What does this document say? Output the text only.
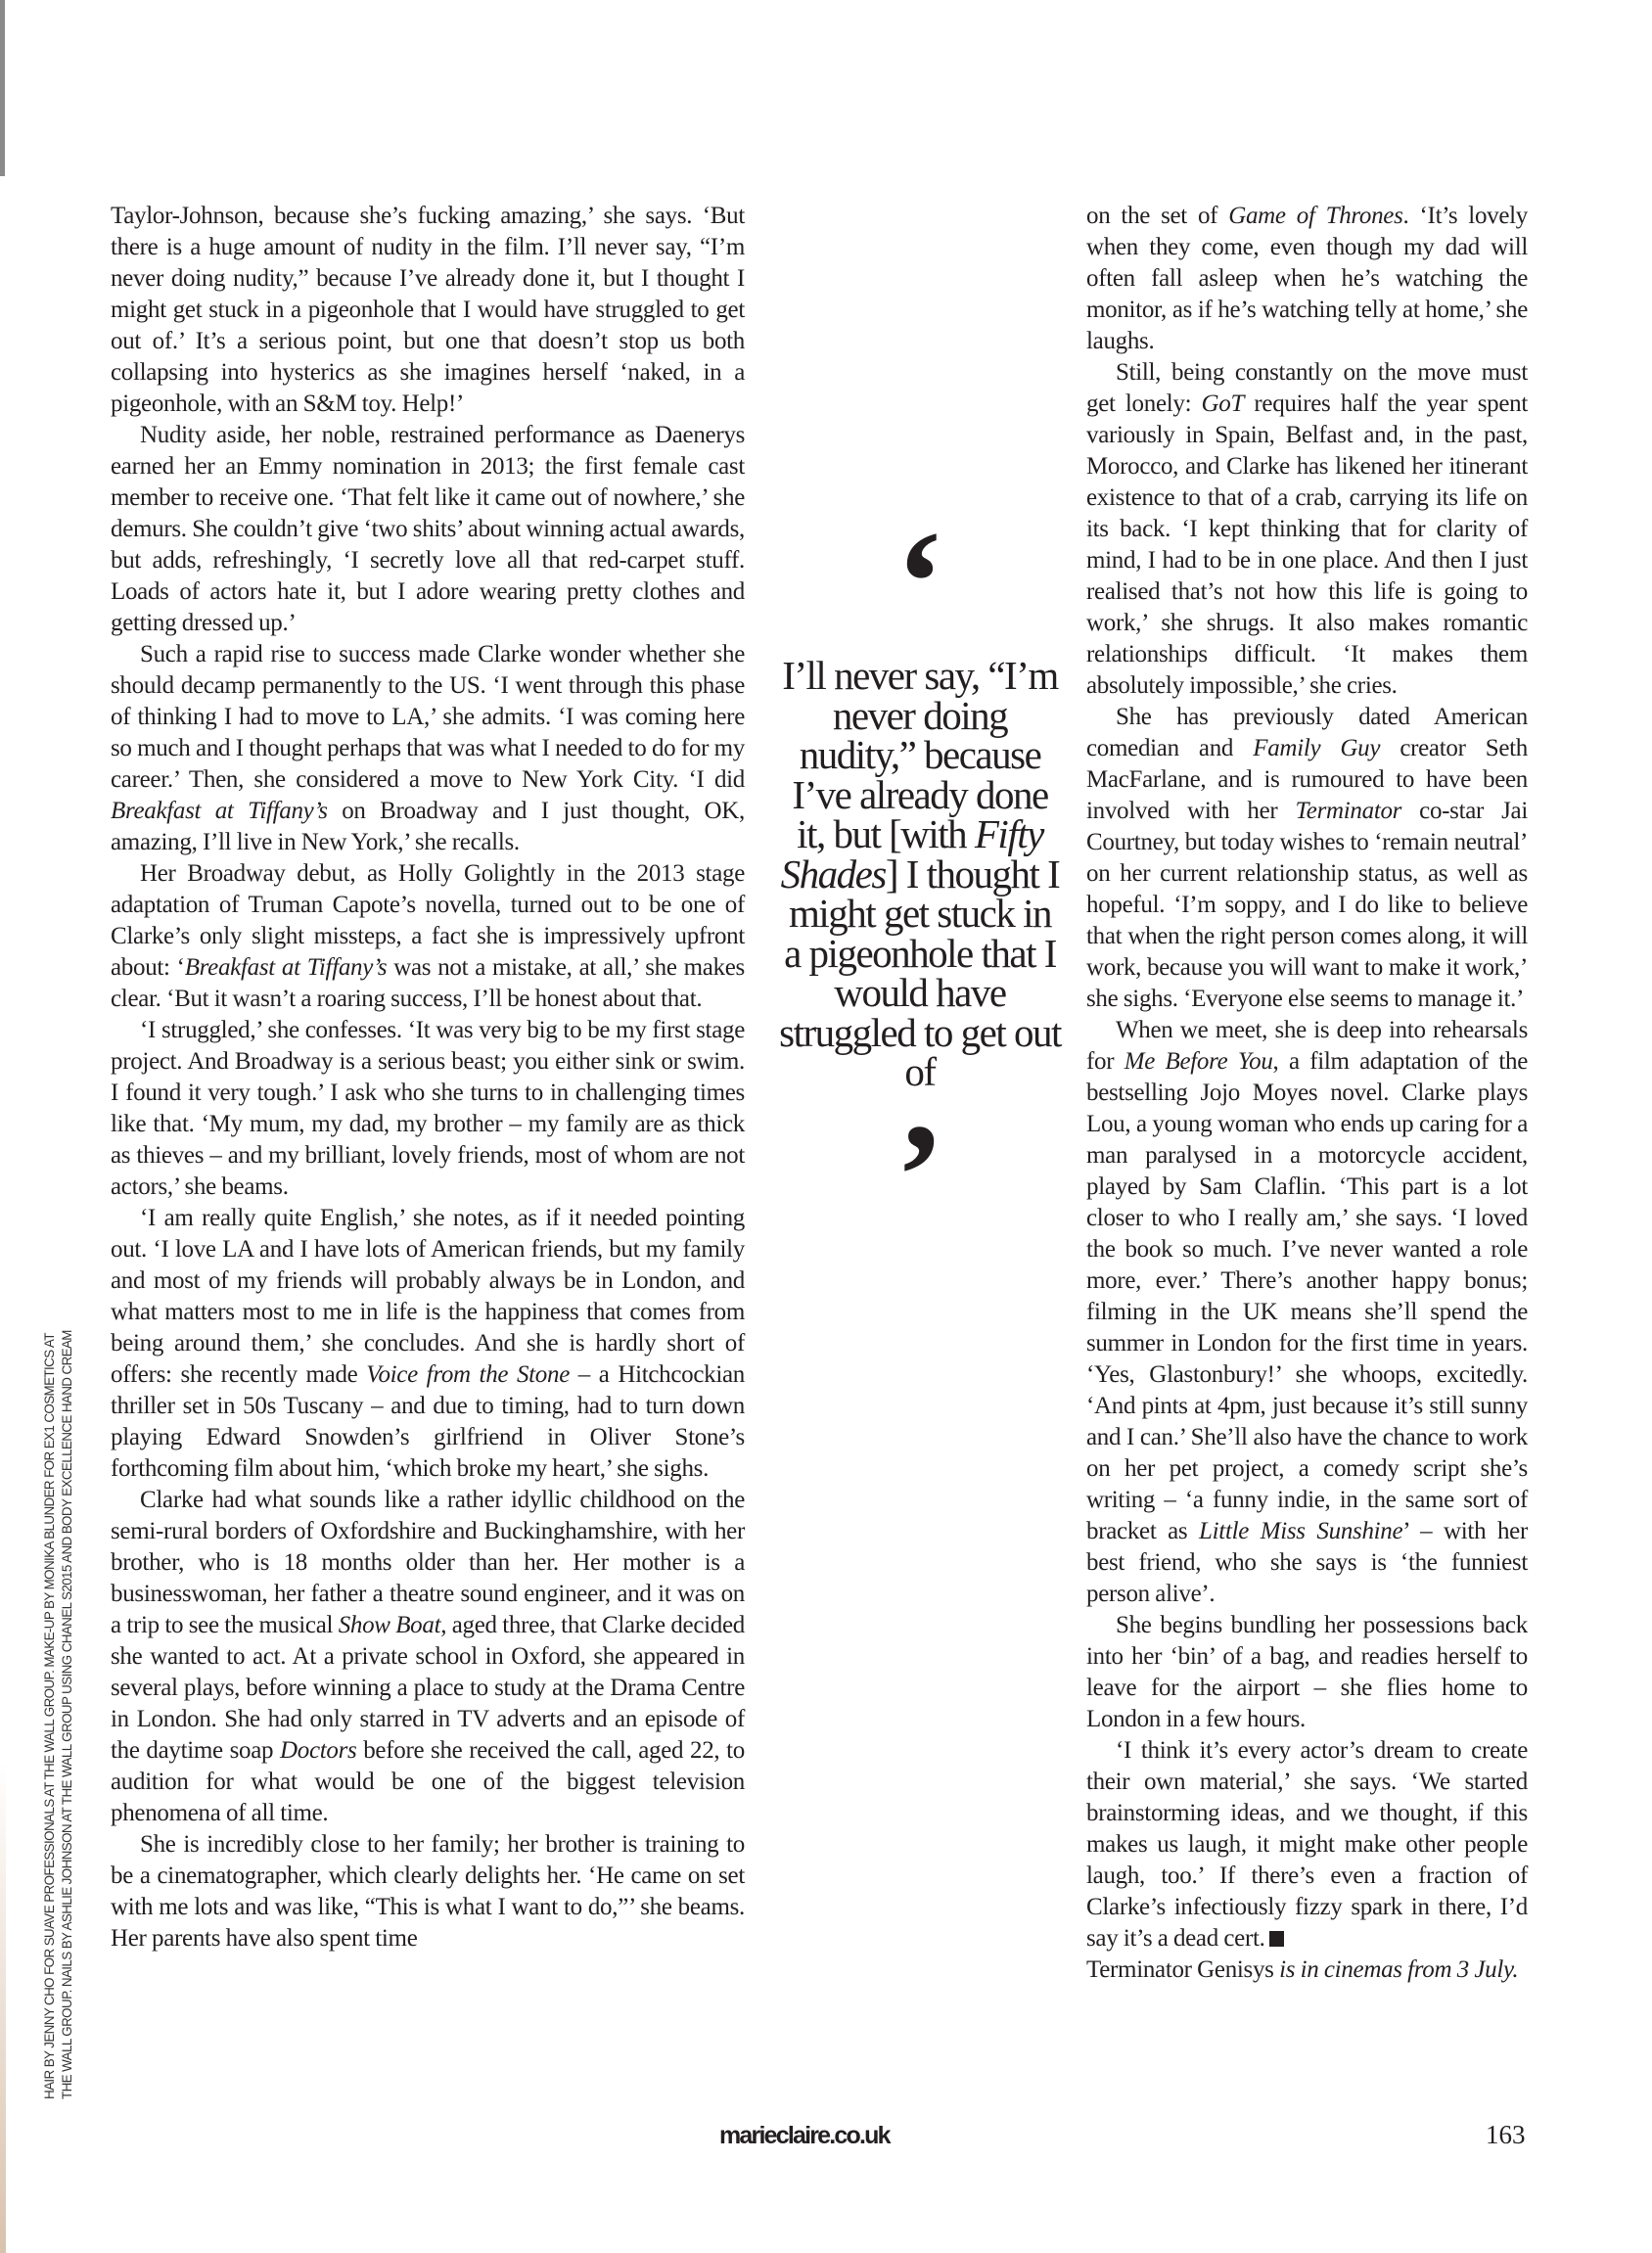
HAIR BY JENNY CHO FOR SUAVE PROFESSIONALS AT THE WALL GROUP. MAKE-UP BY MONIKA BLUNDER FOR EX1 COSMETICS AT THE WALL GROUP. NAILS BY ASHLIE JOHNSON AT THE WALL GROUP USING CHANEL S2015 AND BODY EXCELLENCE HAND CREAM

Taylor-Johnson, because she’s fucking amazing,’ she says. ‘But there is a huge amount of nudity in the film. I’ll never say, “I’m never doing nudity,” because I’ve already done it, but I thought I might get stuck in a pigeonhole that I would have struggled to get out of.’ It’s a serious point, but one that doesn’t stop us both collapsing into hysterics as she imagines herself ‘naked, in a pigeonhole, with an S&M toy. Help!’

Nudity aside, her noble, restrained performance as Daenerys earned her an Emmy nomination in 2013; the first female cast member to receive one. ‘That felt like it came out of nowhere,’ she demurs. She couldn’t give ‘two shits’ about winning actual awards, but adds, refreshingly, ‘I secretly love all that red-carpet stuff. Loads of actors hate it, but I adore wearing pretty clothes and getting dressed up.’

Such a rapid rise to success made Clarke wonder whether she should decamp permanently to the US. ‘I went through this phase of thinking I had to move to LA,’ she admits. ‘I was coming here so much and I thought perhaps that was what I needed to do for my career.’ Then, she considered a move to New York City. ‘I did Breakfast at Tiffany’s on Broadway and I just thought, OK, amazing, I’ll live in New York,’ she recalls.

Her Broadway debut, as Holly Golightly in the 2013 stage adaptation of Truman Capote’s novella, turned out to be one of Clarke’s only slight missteps, a fact she is impressively upfront about: ‘Breakfast at Tiffany’s was not a mistake, at all,’ she makes clear. ‘But it wasn’t a roaring success, I’ll be honest about that.

‘I struggled,’ she confesses. ‘It was very big to be my first stage project. And Broadway is a serious beast; you either sink or swim. I found it very tough.’ I ask who she turns to in challenging times like that. ‘My mum, my dad, my brother – my family are as thick as thieves – and my brilliant, lovely friends, most of whom are not actors,’ she beams.

‘I am really quite English,’ she notes, as if it needed pointing out. ‘I love LA and I have lots of American friends, but my family and most of my friends will probably always be in London, and what matters most to me in life is the happiness that comes from being around them,’ she concludes. And she is hardly short of offers: she recently made Voice from the Stone – a Hitchcockian thriller set in 50s Tuscany – and due to timing, had to turn down playing Edward Snowden’s girlfriend in Oliver Stone’s forthcoming film about him, ‘which broke my heart,’ she sighs.

Clarke had what sounds like a rather idyllic childhood on the semi-rural borders of Oxfordshire and Buckinghamshire, with her brother, who is 18 months older than her. Her mother is a businesswoman, her father a theatre sound engineer, and it was on a trip to see the musical Show Boat, aged three, that Clarke decided she wanted to act. At a private school in Oxford, she appeared in several plays, before winning a place to study at the Drama Centre in London. She had only starred in TV adverts and an episode of the daytime soap Doctors before she received the call, aged 22, to audition for what would be one of the biggest television phenomena of all time.

She is incredibly close to her family; her brother is training to be a cinematographer, which clearly delights her. ‘He came on set with me lots and was like, “This is what I want to do,”’ she beams. Her parents have also spent time

‘
I’ll never say, “I’m never doing nudity,” because I’ve already done it, but [with Fifty Shades] I thought I might get stuck in a pigeonhole that I would have struggled to get out of
’

on the set of Game of Thrones. ‘It’s lovely when they come, even though my dad will often fall asleep when he’s watching the monitor, as if he’s watching telly at home,’ she laughs.

Still, being constantly on the move must get lonely: GoT requires half the year spent variously in Spain, Belfast and, in the past, Morocco, and Clarke has likened her itinerant existence to that of a crab, carrying its life on its back. ‘I kept thinking that for clarity of mind, I had to be in one place. And then I just realised that’s not how this life is going to work,’ she shrugs. It also makes romantic relationships difficult. ‘It makes them absolutely impossible,’ she cries.

She has previously dated American comedian and Family Guy creator Seth MacFarlane, and is rumoured to have been involved with her Terminator co-star Jai Courtney, but today wishes to ‘remain neutral’ on her current relationship status, as well as hopeful. ‘I’m soppy, and I do like to believe that when the right person comes along, it will work, because you will want to make it work,’ she sighs. ‘Everyone else seems to manage it.’

When we meet, she is deep into rehearsals for Me Before You, a film adaptation of the bestselling Jojo Moyes novel. Clarke plays Lou, a young woman who ends up caring for a man paralysed in a motorcycle accident, played by Sam Claflin. ‘This part is a lot closer to who I really am,’ she says. ‘I loved the book so much. I’ve never wanted a role more, ever.’ There’s another happy bonus; filming in the UK means she’ll spend the summer in London for the first time in years. ‘Yes, Glastonbury!’ she whoops, excitedly. ‘And pints at 4pm, just because it’s still sunny and I can.’ She’ll also have the chance to work on her pet project, a comedy script she’s writing – ‘a funny indie, in the same sort of bracket as Little Miss Sunshine’ – with her best friend, who she says is ‘the funniest person alive’.

She begins bundling her possessions back into her ‘bin’ of a bag, and readies herself to leave for the airport – she flies home to London in a few hours.

‘I think it’s every actor’s dream to create their own material,’ she says. ‘We started brainstorming ideas, and we thought, if this makes us laugh, it might make other people laugh, too.’ If there’s even a fraction of Clarke’s infectiously fizzy spark in there, I’d say it’s a dead cert.

Terminator Genisys is in cinemas from 3 July.

marieclaire.co.uk	163
